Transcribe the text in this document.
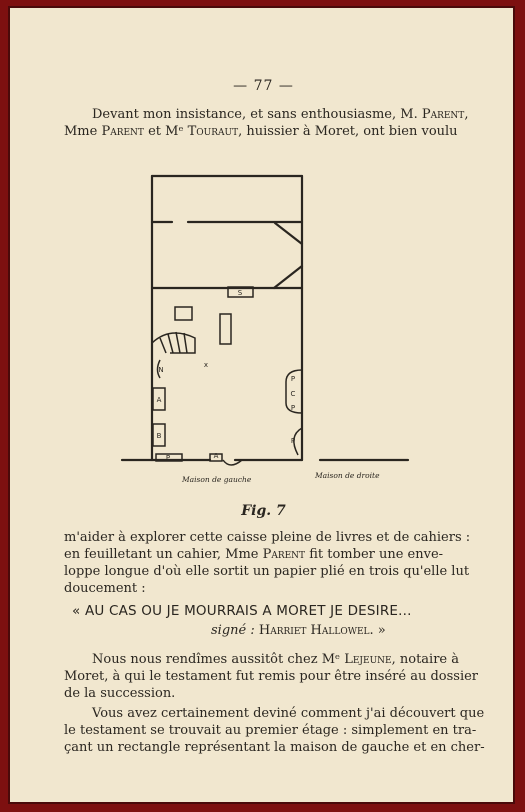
— 77 —
Devant mon insistance, et sans enthousiasme, M. Parent,
Mme Parent et Mᵉ Touraut, huissier à Moret, ont bien voulu
S
N
A
B
P	A
P
C
P
P
x
Maison de gauche	Maison de droite
Fig. 7
m'aider à explorer cette caisse pleine de livres et de cahiers :
en feuilletant un cahier, Mme Parent fit tomber une enve-
loppe longue d'où elle sortit un papier plié en trois qu'elle lut
doucement :
« AU CAS OU JE MOURRAIS A MORET JE DESIRE...
signé : Harriet Hallowel. »
Nous nous rendîmes aussitôt chez Mᵉ Lejeune, notaire à
Moret, à qui le testament fut remis pour être inséré au dossier
de la succession.
Vous avez certainement deviné comment j'ai découvert que
le testament se trouvait au premier étage : simplement en tra-
çant un rectangle représentant la maison de gauche et en cher-
